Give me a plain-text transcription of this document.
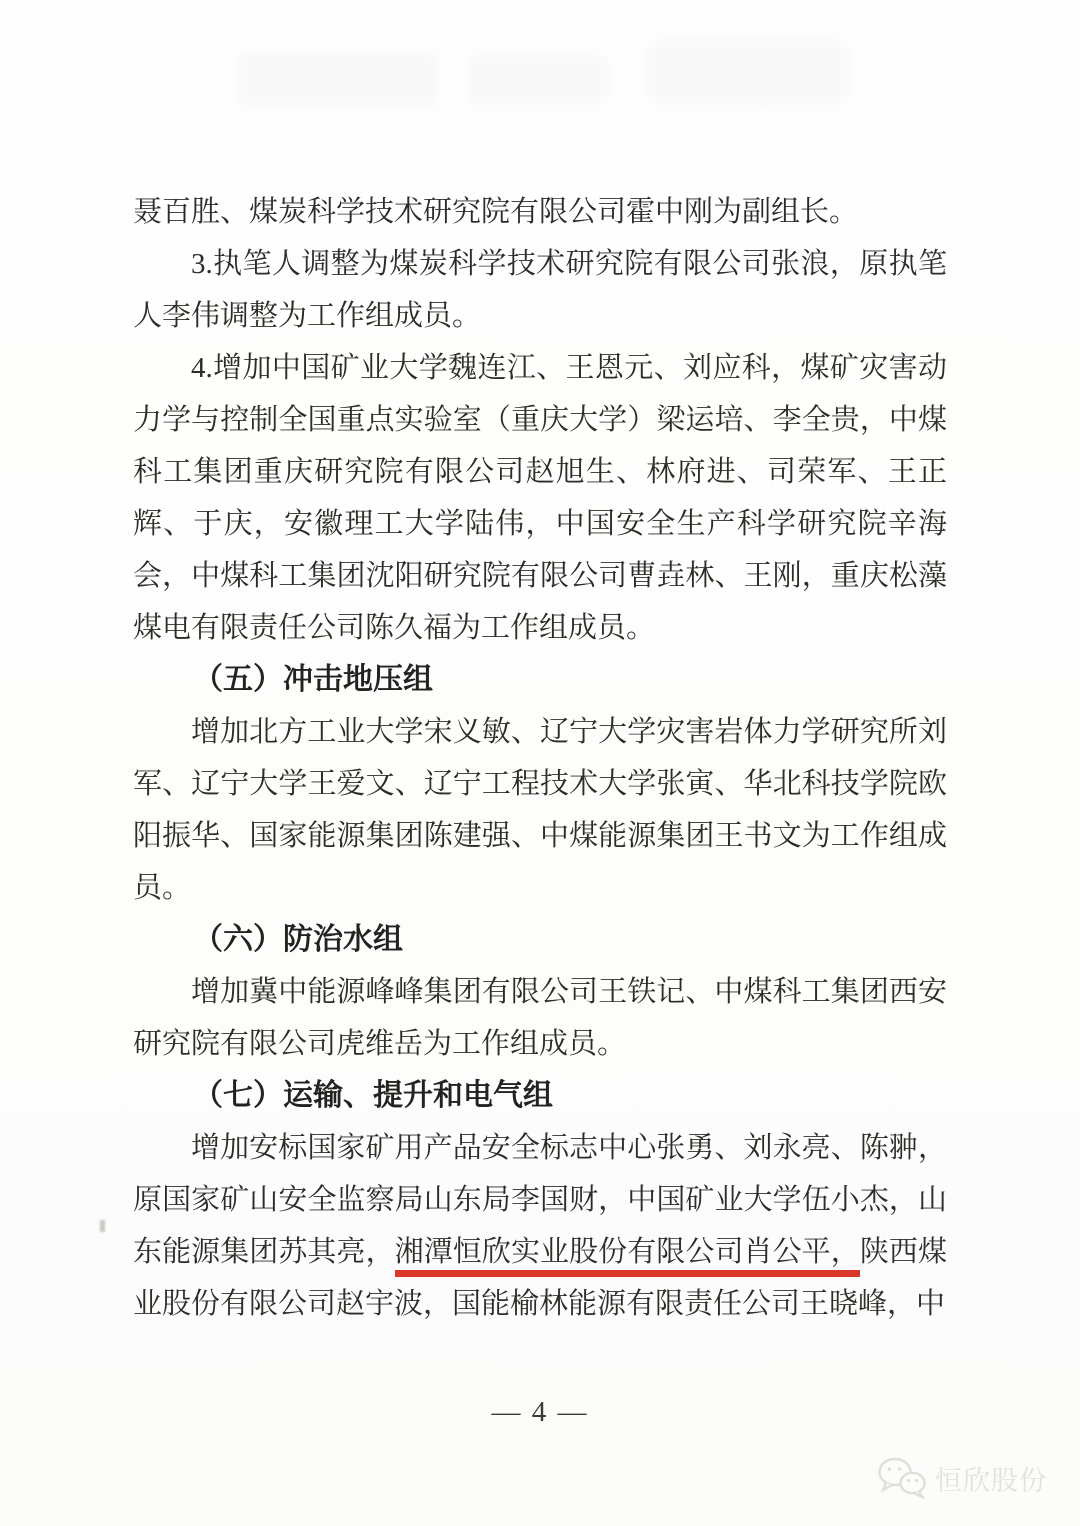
聂百胜、煤炭科学技术研究院有限公司霍中刚为副组长。

3.执笔人调整为煤炭科学技术研究院有限公司张浪，原执笔人李伟调整为工作组成员。

4.增加中国矿业大学魏连江、王恩元、刘应科，煤矿灾害动力学与控制全国重点实验室（重庆大学）梁运培、李全贵，中煤科工集团重庆研究院有限公司赵旭生、林府进、司荣军、王正辉、于庆，安徽理工大学陆伟，中国安全生产科学研究院辛海会，中煤科工集团沈阳研究院有限公司曹垚林、王刚，重庆松藻煤电有限责任公司陈久福为工作组成员。

（五）冲击地压组

增加北方工业大学宋义敏、辽宁大学灾害岩体力学研究所刘军、辽宁大学王爱文、辽宁工程技术大学张寅、华北科技学院欧阳振华、国家能源集团陈建强、中煤能源集团王书文为工作组成员。

（六）防治水组

增加冀中能源峰峰集团有限公司王铁记、中煤科工集团西安研究院有限公司虎维岳为工作组成员。

（七）运输、提升和电气组

增加安标国家矿用产品安全标志中心张勇、刘永亮、陈翀，原国家矿山安全监察局山东局李国财，中国矿业大学伍小杰，山东能源集团苏其亮，湘潭恒欣实业股份有限公司肖公平，陕西煤业股份有限公司赵宇波，国能榆林能源有限责任公司王晓峰，中

— 4 —
恒欣股份
